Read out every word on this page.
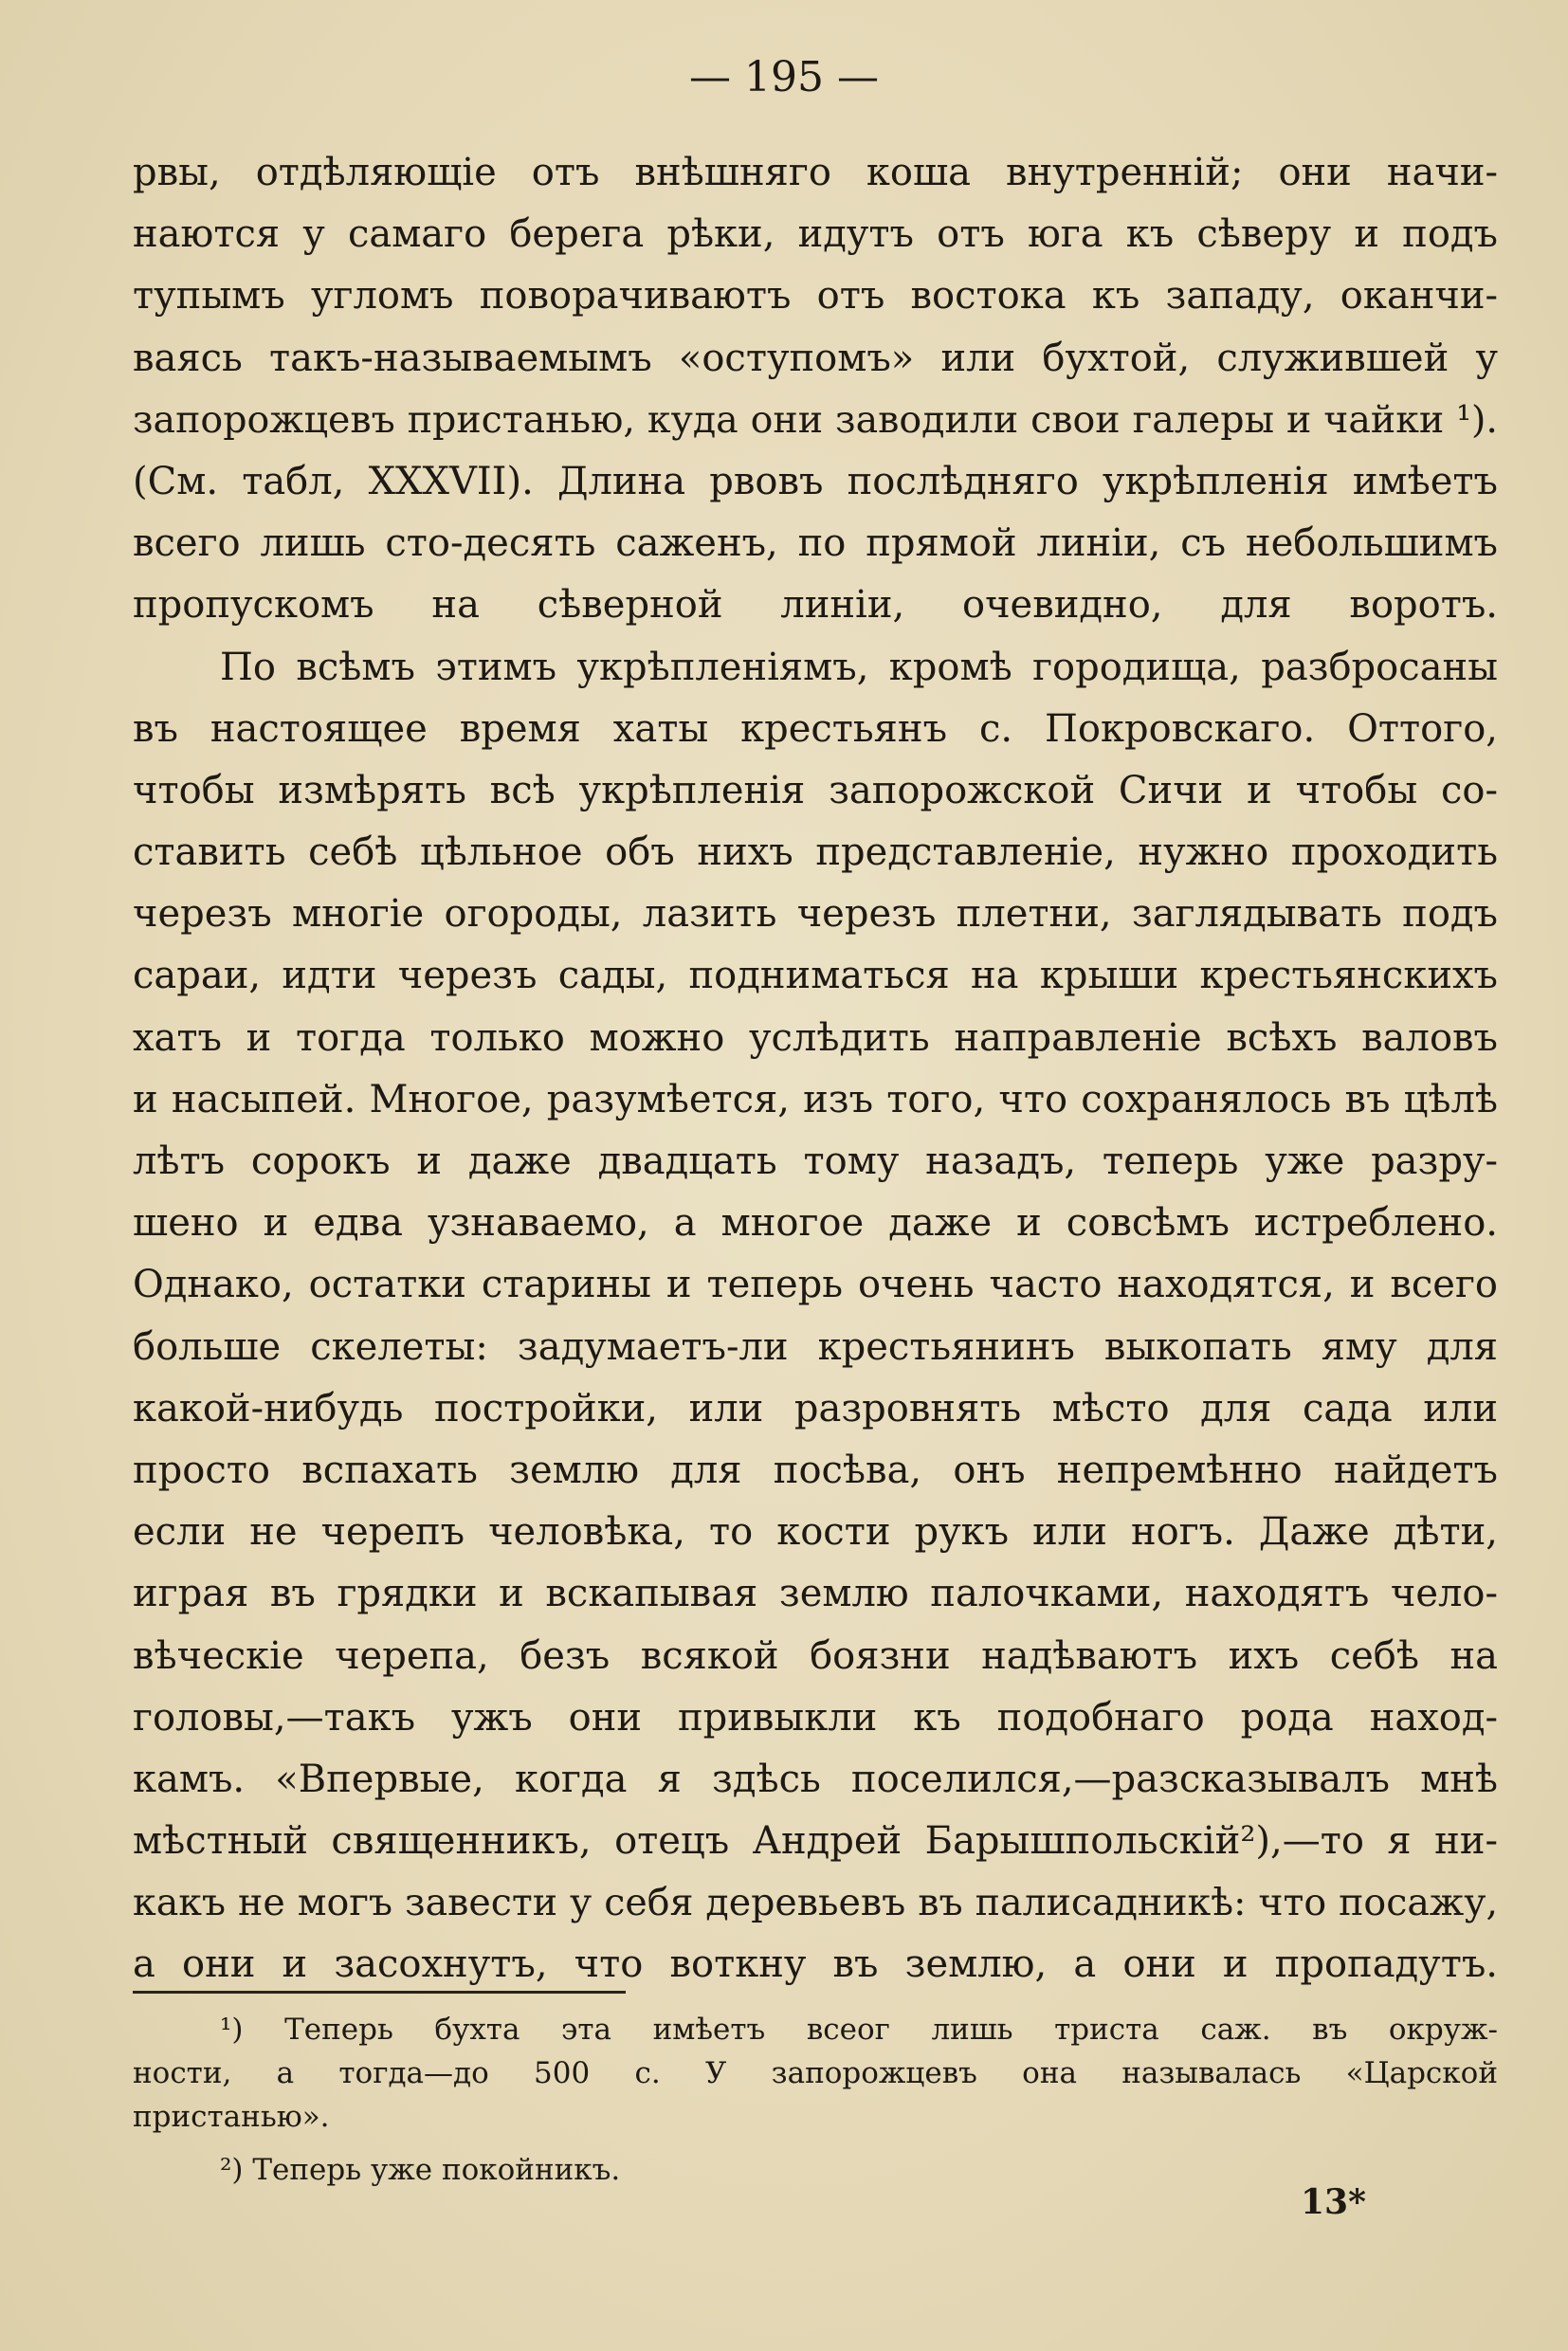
— 195 —
рвы, отдѣляющіе отъ внѣшняго коша внутренній; они начи-
наются у самаго берега рѣки, идутъ отъ юга къ сѣверу и подъ
тупымъ угломъ поворачиваютъ отъ востока къ западу, оканчи-
ваясь такъ-называемымъ «оступомъ» или бухтой, служившей у
запорожцевъ пристанью, куда они заводили свои галеры и чайки ¹).
(См. табл, XXXVII). Длина рвовъ послѣдняго укрѣпленія имѣетъ
всего лишь сто-десять саженъ, по прямой линіи, съ небольшимъ
пропускомъ на сѣверной линіи, очевидно, для воротъ.
По всѣмъ этимъ укрѣпленіямъ, кромѣ городища, разбросаны
въ настоящее время хаты крестьянъ с. Покровскаго. Оттого,
чтобы измѣрять всѣ укрѣпленія запорожской Сичи и чтобы со-
ставить себѣ цѣльное объ нихъ представленіе, нужно проходить
черезъ многіе огороды, лазить черезъ плетни, заглядывать подъ
сараи, идти черезъ сады, подниматься на крыши крестьянскихъ
хатъ и тогда только можно услѣдить направленіе всѣхъ валовъ
и насыпей. Многое, разумѣется, изъ того, что сохранялось въ цѣлѣ
лѣтъ сорокъ и даже двадцать тому назадъ, теперь уже разру-
шено и едва узнаваемо, а многое даже и совсѣмъ истреблено.
Однако, остатки старины и теперь очень часто находятся, и всего
больше скелеты: задумаетъ-ли крестьянинъ выкопать яму для
какой-нибудь постройки, или разровнять мѣсто для сада или
просто вспахать землю для посѣва, онъ непремѣнно найдетъ
если не черепъ человѣка, то кости рукъ или ногъ. Даже дѣти,
играя въ грядки и вскапывая землю палочками, находятъ чело-
вѣческіе черепа, безъ всякой боязни надѣваютъ ихъ себѣ на
головы,—такъ ужъ они привыкли къ подобнаго рода наход-
камъ. «Впервые, когда я здѣсь поселился,—разсказывалъ мнѣ
мѣстный священникъ, отецъ Андрей Барышпольскій²),—то я ни-
какъ не могъ завести у себя деревьевъ въ палисадникѣ: что посажу,
а они и засохнутъ, что воткну въ землю, а они и пропадутъ.
¹) Теперь бухта эта имѣетъ всеог лишь триста саж. въ окруж-
ности, а тогда—до 500 с. У запорожцевъ она называлась «Царской
пристанью».
²) Теперь уже покойникъ.
13*
